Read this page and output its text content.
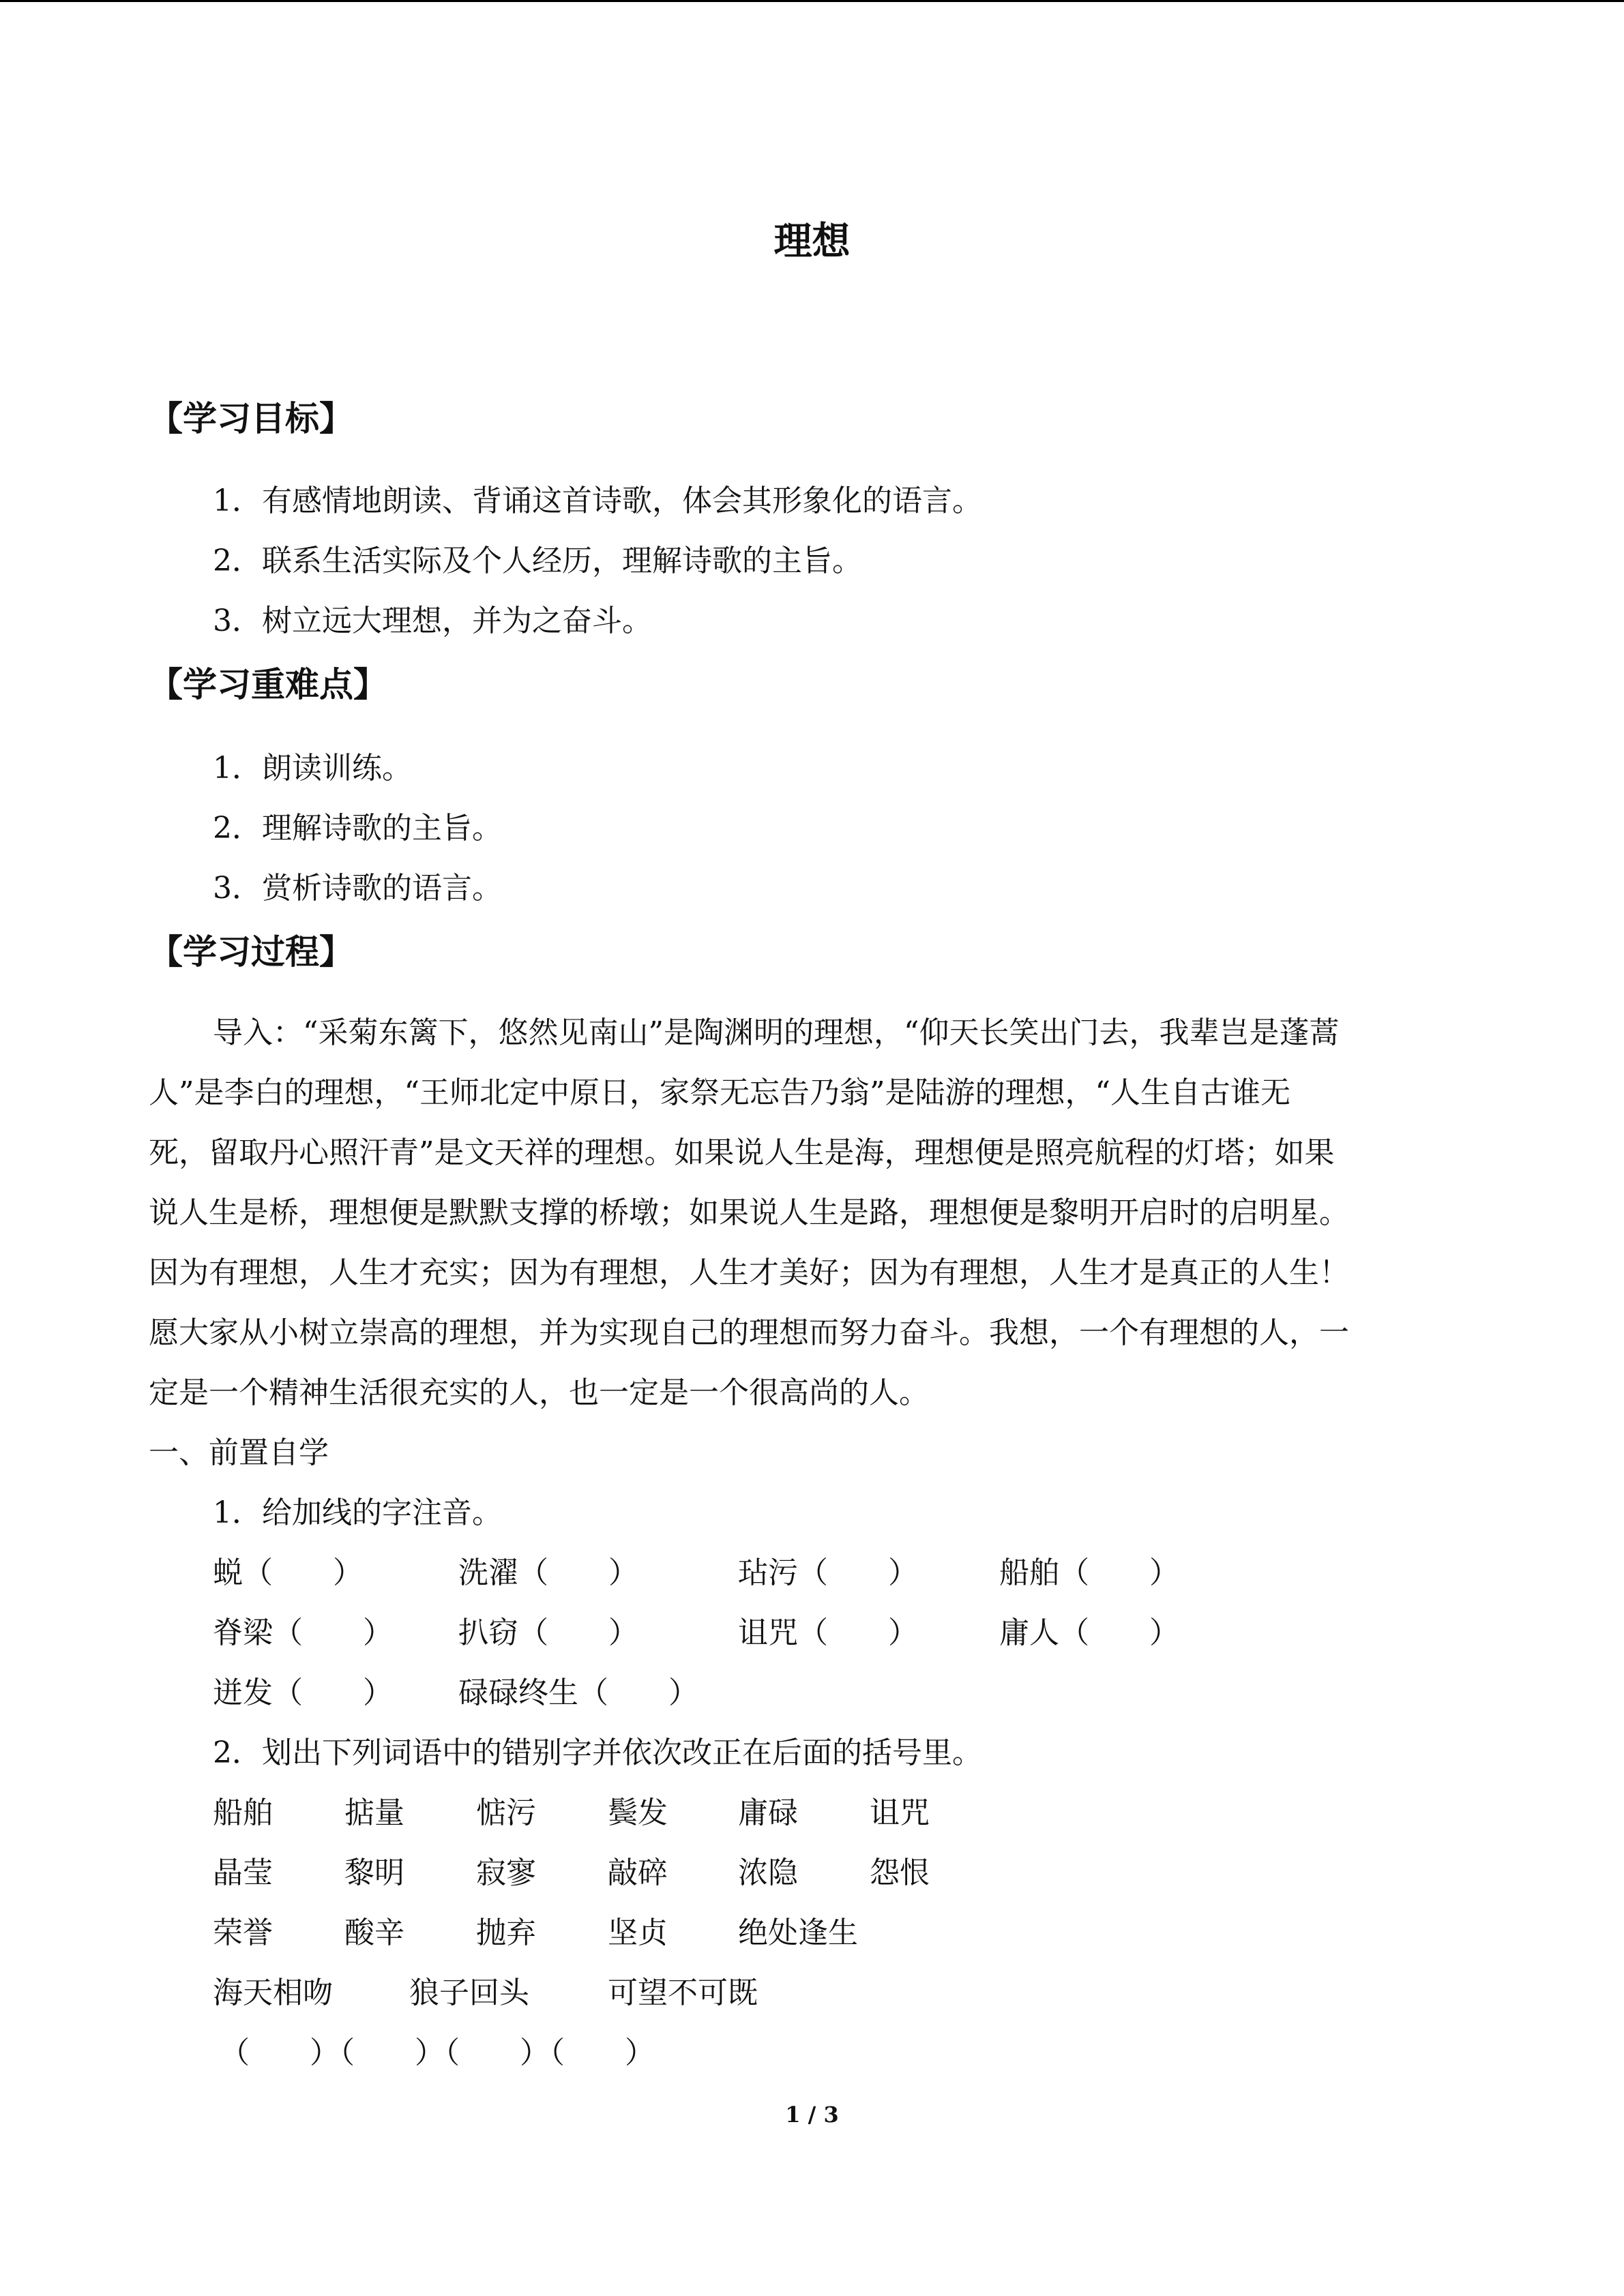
理想
【学习目标】
1．有感情地朗读、背诵这首诗歌，体会其形象化的语言。
2．联系生活实际及个人经历，理解诗歌的主旨。
3．树立远大理想，并为之奋斗。
【学习重难点】
1．朗读训练。
2．理解诗歌的主旨。
3．赏析诗歌的语言。
【学习过程】
导入：“采菊东篱下，悠然见南山”是陶渊明的理想，“仰天长笑出门去，我辈岂是蓬蒿
人”是李白的理想，“王师北定中原日，家祭无忘告乃翁”是陆游的理想，“人生自古谁无
死，留取丹心照汗青”是文天祥的理想。如果说人生是海，理想便是照亮航程的灯塔；如果
说人生是桥，理想便是默默支撑的桥墩；如果说人生是路，理想便是黎明开启时的启明星。
因为有理想，人生才充实；因为有理想，人生才美好；因为有理想，人生才是真正的人生！
愿大家从小树立崇高的理想，并为实现自己的理想而努力奋斗。我想，一个有理想的人，一
定是一个精神生活很充实的人，也一定是一个很高尚的人。
一、前置自学
1．给加线的字注音。
蜕（　　）	洗濯（　　）	玷污（　　）	船舶（　　）
脊梁（　　） 扒窃（　　）	诅咒（　　）	庸人（　　）
迸发（　　） 碌碌终生（　　）
2．划出下列词语中的错别字并依次改正在后面的括号里。
船舶 掂量 惦污 鬓发 庸碌 诅咒
晶莹 黎明 寂寥 敲碎 浓隐 怨恨
荣誉 酸辛 抛弃 坚贞 绝处逢生
海天相吻	狼子回头	可望不可既
（　　）（　　）（　　）（　　）
1 / 3
